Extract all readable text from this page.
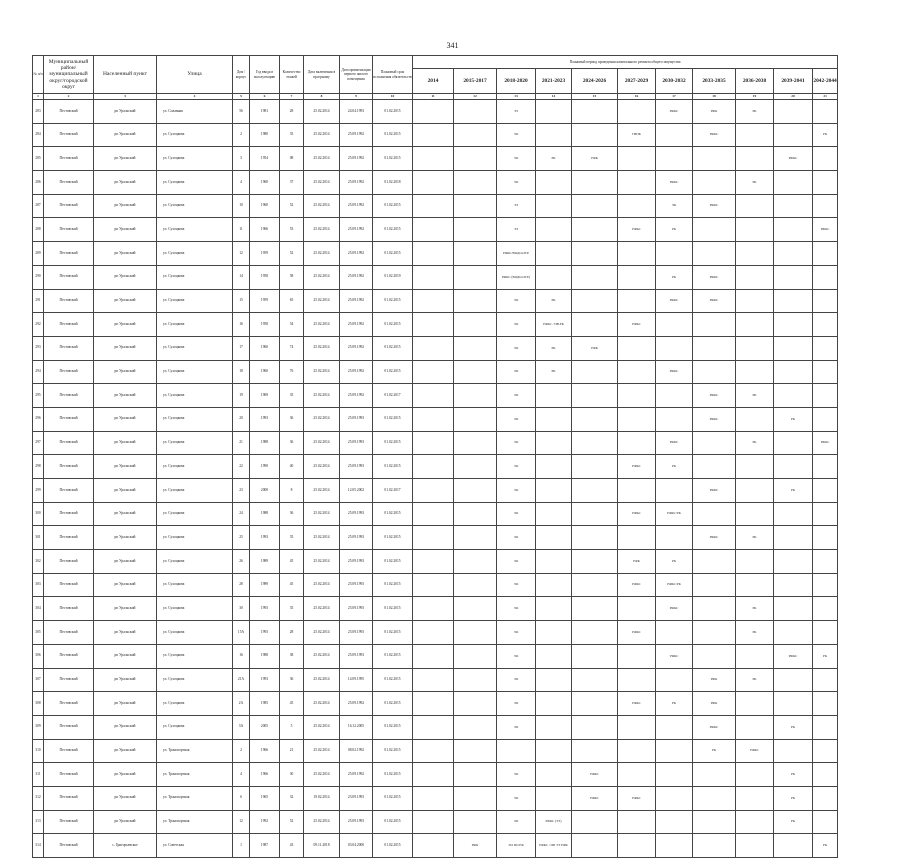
341
№ п/п	Муниципальный район/муниципальный округ/городской округ	Населенный пункт	Улица	Дом / корпус	Год ввода в эксплуатацию	Количество этажей	Дата включения в программу	Дата приватизации первого жилого помещения	Плановый срок исполнения обязательств	Плановый период проведения капитального ремонта общего имущества										
										2014	2015-2017	2018-2020	2021-2023	2024-2026	2027-2029	2030-2032	2033-2035	2036-2038	2039-2041	2042-2044
1	2	3	4	5	6	7	8	9	10	11	12	13	14	15	16	17	18	19	20	21
283	Пестовский	рп Уральский	ул. Сплавная	56	1981	28	25.02.2014	24.04.1993	01.02.2015			ЭЗ				РФКС	РФК	РК		
284	Пестовский	рп Уральский	ул. Сухоцкова	2	1980	35	25.02.2014	25.09.1992	01.02.2015			ЭО			ГВПК		РФКС			РК
285	Пестовский	рп Уральский	ул. Сухоцкова	3	1954	08	25.02.2014	25.09.1992	01.02.2015			ЭО	РК	РФК					РФКС	
286	Пестовский	рп Уральский	ул. Сухоцкова	4	1960	37	25.02.2014	25.09.1992	01.02.2018			ЭО				РФКС		РК		
287	Пестовский	рп Уральский	ул. Сухоцкова	10	1960	52	25.02.2014	25.09.1992	01.02.2015			ЭЗ				ЭК	РФКС			
288	Пестовский	рп Уральский	ул. Сухоцкова	11	1966	53	25.02.2014	25.09.1992	01.02.2015			ЭЗ			РФКС	РК				РФКС
289	Пестовский	рп Уральский	ул. Сухоцкова	12	1959	52	25.02.2014	25.09.1992	01.02.2015			РФКС/ВОДО.ОТР.								
290	Пестовский	рп Уральский	ул. Сухоцкова	14	1958	58	25.02.2014	25.09.1992	01.02.2019			РФКС (ВОДО.ОТР.)				РК	РФКС			
291	Пестовский	рп Уральский	ул. Сухоцкова	15	1959	65	25.02.2014	25.09.1992	01.02.2015			ЭО	РК			РФКС	РФКС			
292	Пестовский	рп Уральский	ул. Сухоцкова	16	1958	54	25.02.2014	25.09.1992	01.02.2015			ЭО	РФКС / ПВ.РК		РФКС					
293	Пестовский	рп Уральский	ул. Сухоцкова	17	1960	74	25.02.2014	25.09.1992	01.02.2015			ЭО	РК	РФК						
294	Пестовский	рп Уральский	ул. Сухоцкова	18	1960	76	25.02.2014	25.09.1992	01.02.2015			ЭО	РК			РФКС				
295	Пестовский	рп Уральский	ул. Сухоцкова	19	1969	35	25.02.2014	25.09.1992	01.02.2017			ЭО					РФКС	РК		
296	Пестовский	рп Уральский	ул. Сухоцкова	20	1993	36	25.02.2014	25.09.1993	01.02.2015			ЭО					РФКС		РК	
297	Пестовский	рп Уральский	ул. Сухоцкова	21	1988	36	25.02.2014	25.09.1993	01.02.2015			ЭО				РФКС		РК		РФКС
298	Пестовский	рп Уральский	ул. Сухоцкова	22	1990	40	25.02.2014	25.09.1993	01.02.2015			ЭО			РФКС	РК				
299	Пестовский	рп Уральский	ул. Сухоцкова	23	2000	8	25.02.2014	12.05.2002	01.02.2017			ЭО					РФКС		РК	
300	Пестовский	рп Уральский	ул. Сухоцкова	24	1988	36	25.02.2014	25.09.1993	01.02.2015			ЭО			РФКС	РФКС/РК				
301	Пестовский	рп Уральский	ул. Сухоцкова	25	1993	35	25.02.2014	25.09.1993	01.02.2015			ЭО					РФКС	РК		
302	Пестовский	рп Уральский	ул. Сухоцкова	26	1989	45	25.02.2014	25.09.1993	01.02.2015			ЭО			РФК	РК				
303	Пестовский	рп Уральский	ул. Сухоцкова	28	1989	45	25.02.2014	25.09.1993	01.02.2015			ЭО			РФКС	РФКС/РК				
304	Пестовский	рп Уральский	ул. Сухоцкова	30	1993	35	25.02.2014	25.09.1993	01.02.2015			ЭО				РФКС		РК		
305	Пестовский	рп Уральский	ул. Сухоцкова	15А	1993	28	25.02.2014	25.09.1993	01.02.2015			ЭО			РФКС			РК		
306	Пестовский	рп Уральский	ул. Сухоцкова	16	1988	38	25.02.2014	25.09.1993	01.02.2015			ЭО				УФКС			РФКС	РК
307	Пестовский	рп Уральский	ул. Сухоцкова	21А	1993	36	25.02.2014	14.09.1995	01.02.2015			ЭО					РФК	РК		
308	Пестовский	рп Уральский	ул. Сухоцкова	2А	1985	45	25.02.2014	25.09.1992	01.02.2015			ЭО			РФКС	РК	РФК			
309	Пестовский	рп Уральский	ул. Сухоцкова	3А	2005	5	25.02.2014	16.12.2005	01.02.2015			ЭО					РФКС		РК	
310	Пестовский	рп Уральский	ул. Транспортная	2	1966	21	25.02.2014	08.02.1992	01.02.2015								РК	РФКС		
311	Пестовский	рп Уральский	ул. Транспортная	4	1966	30	25.02.2014	25.09.1992	01.02.2015			ЭО		РФКС					РК	
312	Пестовский	рп Уральский	ул. Транспортная	6	1965	32	19.02.2014	23.09.1993	01.02.2015			ЭО		РФКС	РФКС				РК	
313	Пестовский	рп Уральский	ул. Транспортная	12	1992	52	25.02.2014	25.09.1993	01.02.2015			ЭО	РФКС (ТЭ)						РК	
314	Пестовский	с. Григорьевское	ул. Советская	1	1987	43	09.11.2018	03.04.2000	01.02.2015		РФК	ЭО ПО РФ	РФКС / ПП ТЭ РФК							РК
